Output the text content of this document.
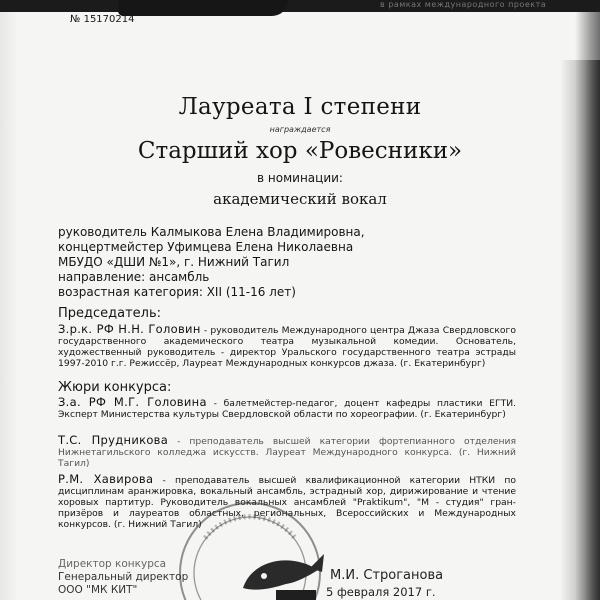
в рамках международного проекта
№ 15170214
Лауреата I степени
награждается
Старший хор «Ровесники»
в номинации:
академический вокал
руководитель Калмыкова Елена Владимировна,
концертмейстер Уфимцева Елена Николаевна
МБУДО «ДШИ №1», г. Нижний Тагил
направление: ансамбль
возрастная категория: XII (11-16 лет)
Председатель:
З.р.к. РФ Н.Н. Головин - руководитель Международного центра Джаза Свердловского государственного академического театра музыкальной комедии. Основатель, художественный руководитель - директор Уральского государственного театра эстрады 1997-2010 г.г. Режиссёр, Лауреат Международных конкурсов джаза. (г. Екатеринбург)
Жюри конкурса:
З.а. РФ М.Г. Головина - балетмейстер-педагог, доцент кафедры пластики ЕГТИ. Эксперт Министерства культуры Свердловской области по хореографии. (г. Екатеринбург)
Т.С. Прудникова - преподаватель высшей категории фортепианного отделения Нижнетагильского колледжа искусств. Лауреат Международного конкурса. (г. Нижний Тагил)
Р.М. Хавирова - преподаватель высшей квалификационной категории НТКИ по дисциплинам аранжировка, вокальный ансамбль, эстрадный хор, дирижирование и чтение хоровых партитур. Руководитель вокальных ансамблей "Praktikum", "М - студия" гран-призёров и лауреатов областных, региональных, Всероссийских и Международных конкурсов. (г. Нижний Тагил)
Директор конкурса
Генеральный директор
ООО "МК КИТ"
М.И. Строганова
5 февраля 2017 г.
